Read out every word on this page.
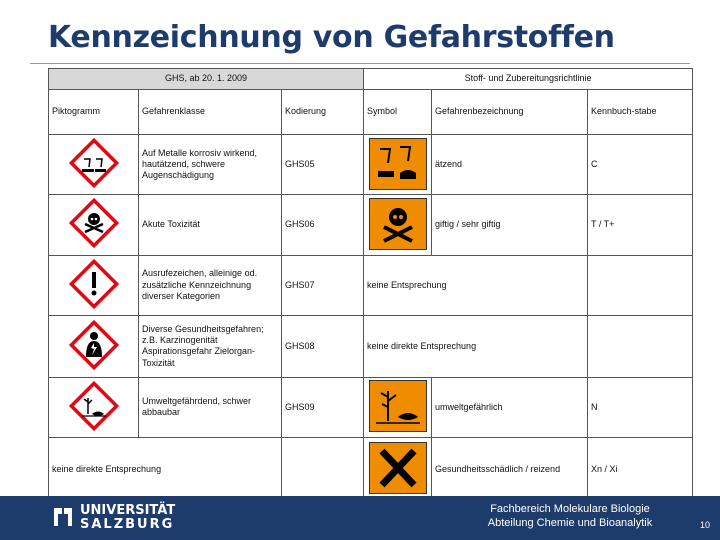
Kennzeichnung von Gefahrstoffen
GHS, ab 20. 1. 2009			Stoff- und Zubereitungsrichtlinie		
Piktogramm	Gefahrenklasse	Kodierung	Symbol	Gefahrenbezeichnung	Kennbuch-stabe
	Auf Metalle korrosiv wirkend, hautätzend, schwere Augenschädigung	GHS05		ätzend	C
	Akute Toxizität	GHS06		giftig / sehr giftig	T / T+
	Ausrufezeichen, alleinige od. zusätzliche Kennzeichnung diverser Kategorien	GHS07	keine Entsprechung		
	Diverse Gesundheitsgefahren; z.B. Karzinogenität Aspirationsgefahr Zielorgan-Toxizität	GHS08	keine direkte Entsprechung		
	Umweltgefährdend, schwer abbaubar	GHS09		umweltgefährlich	N
keine direkte Entsprechung				Gesundheitsschädlich / reizend	Xn / Xi
UNIVERSITÄT
SALZBURG
Fachbereich Molekulare Biologie
Abteilung Chemie und Bioanalytik	10
